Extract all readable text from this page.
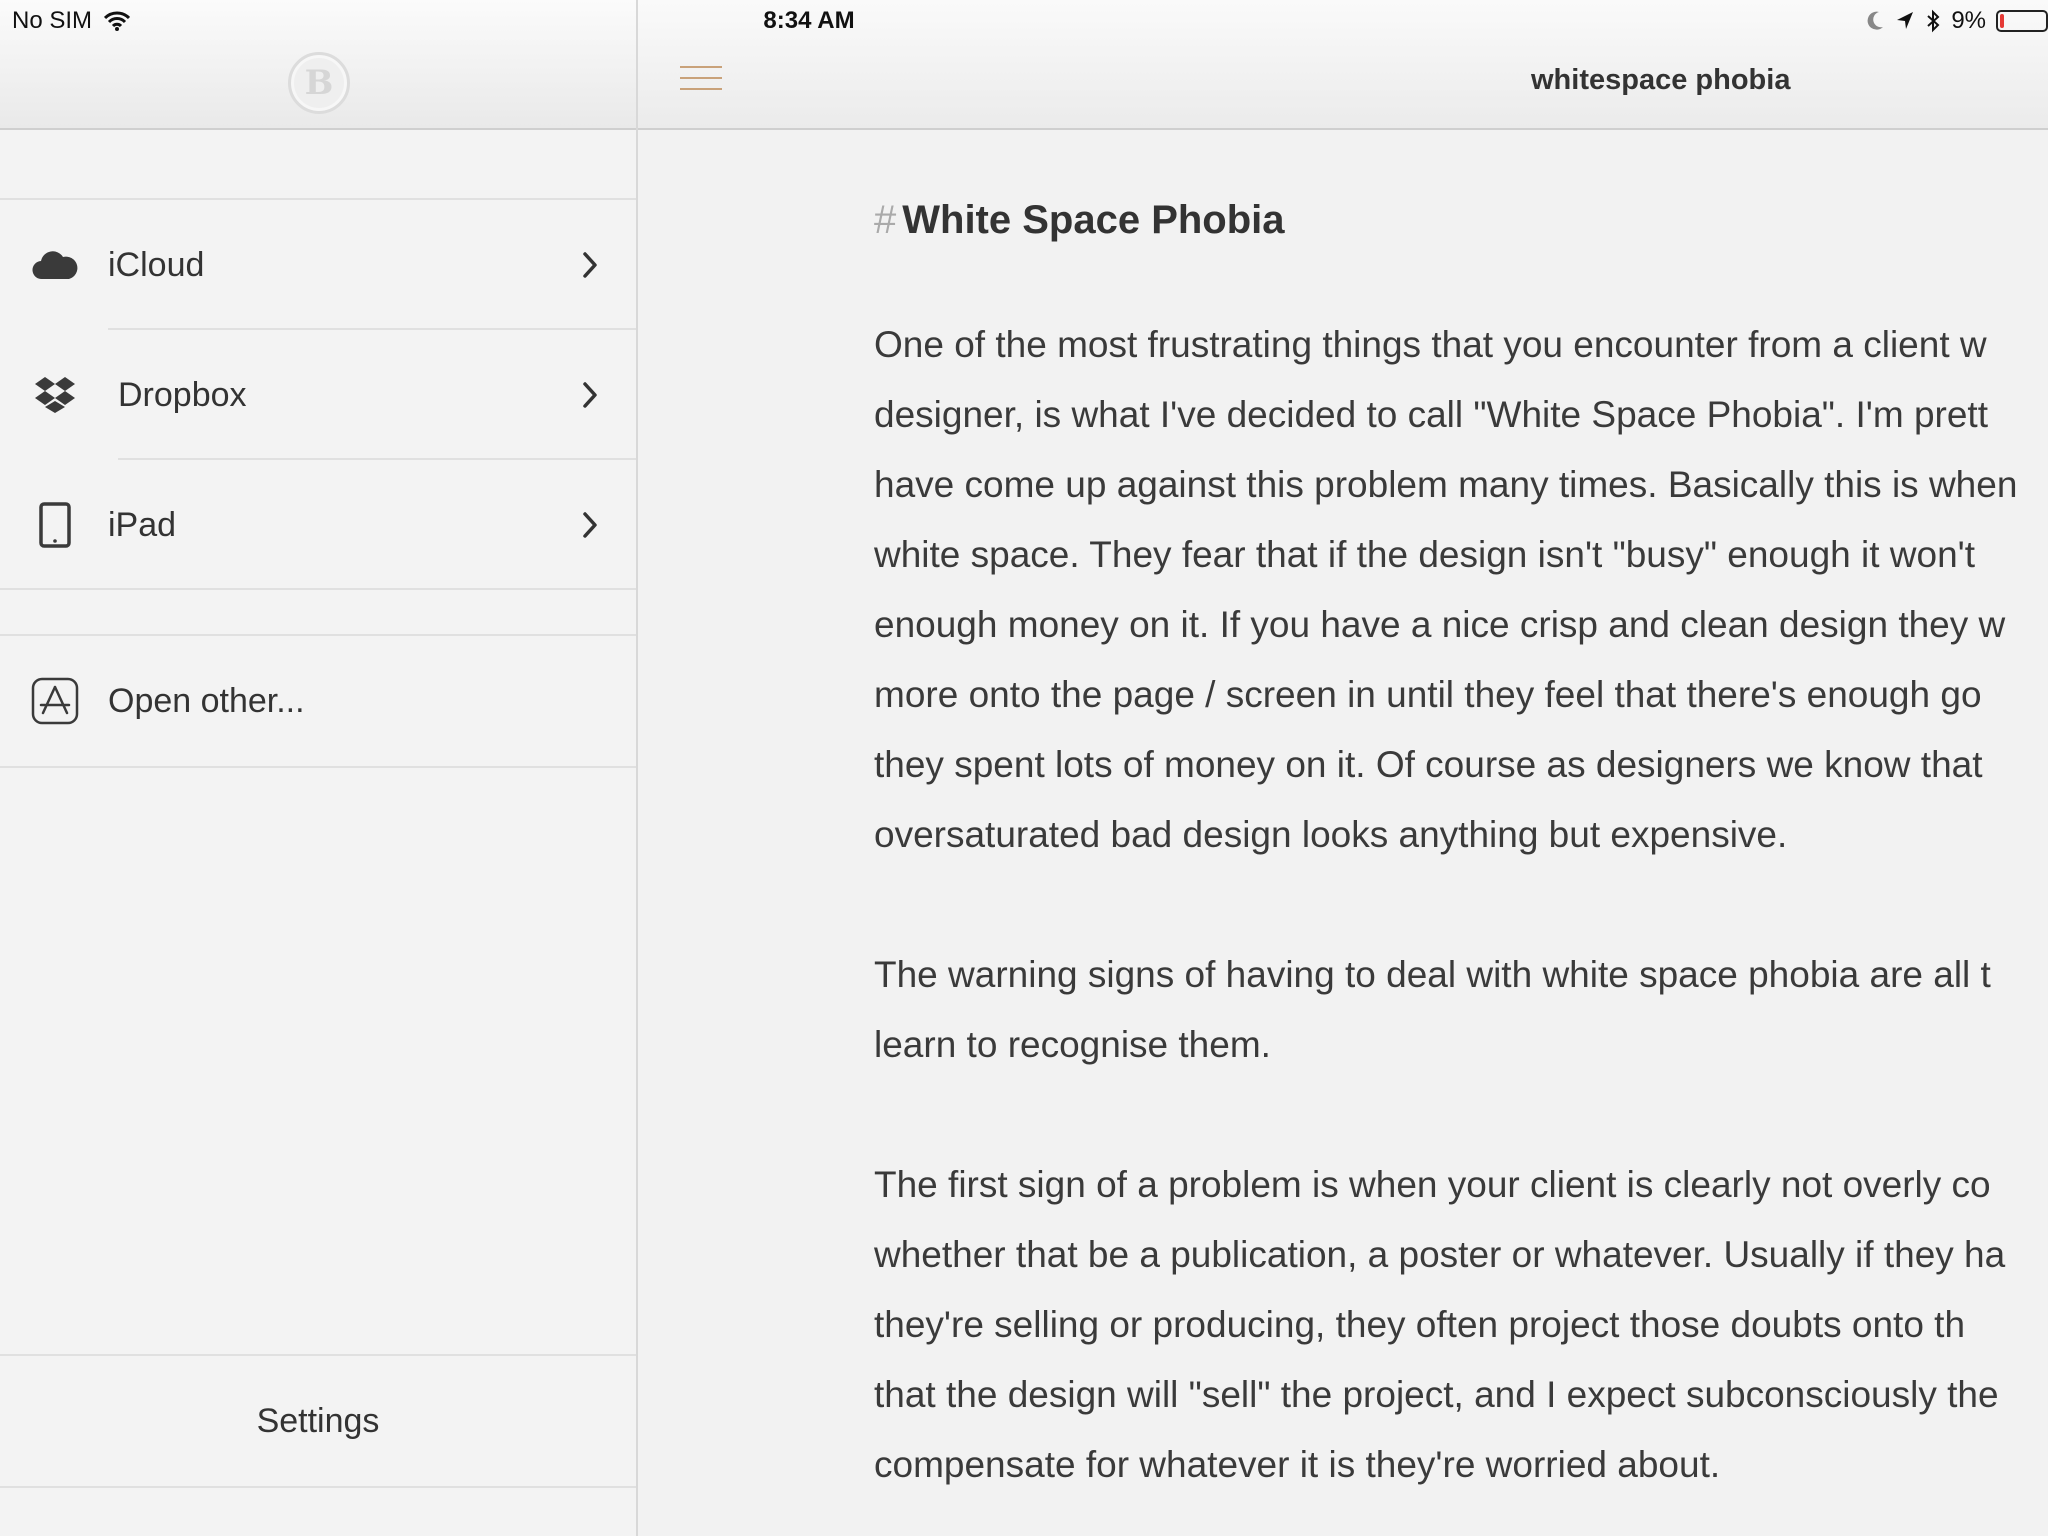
No SIM	8:34 AM	9%
B
iCloud
Dropbox
iPad
Open other...
Settings
whitespace phobia
# White Space Phobia
One of the most frustrating things that you encounter from a client w
designer, is what I've decided to call "White Space Phobia". I'm prett
have come up against this problem many times. Basically this is when
white space. They fear that if the design isn't "busy" enough it won't
enough money on it. If you have a nice crisp and clean design they w
more onto the page / screen in until they feel that there's enough go
they spent lots of money on it. Of course as designers we know that
oversaturated bad design looks anything but expensive.
The warning signs of having to deal with white space phobia are all t
learn to recognise them.
The first sign of a problem is when your client is clearly not overly co
whether that be a publication, a poster or whatever. Usually if they ha
they're selling or producing, they often project those doubts onto th
that the design will "sell" the project, and I expect subconsciously the
compensate for whatever it is they're worried about.
